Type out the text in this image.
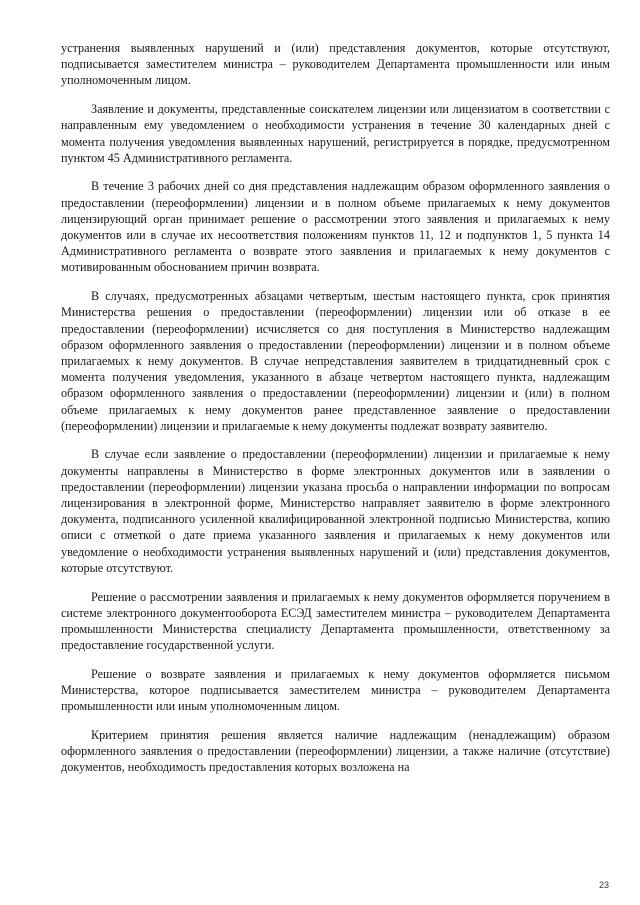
устранения выявленных нарушений и (или) представления документов, которые отсутствуют, подписывается заместителем министра – руководителем Департамента промышленности или иным уполномоченным лицом.

Заявление и документы, представленные соискателем лицензии или лицензиатом в соответствии с направленным ему уведомлением о необходимости устранения в течение 30 календарных дней с момента получения уведомления выявленных нарушений, регистрируется в порядке, предусмотренном пунктом 45 Административного регламента.

В течение 3 рабочих дней со дня представления надлежащим образом оформленного заявления о предоставлении (переоформлении) лицензии и в полном объеме прилагаемых к нему документов лицензирующий орган принимает решение о рассмотрении этого заявления и прилагаемых к нему документов или в случае их несоответствия положениям пунктов 11, 12 и подпунктов 1, 5 пункта 14 Административного регламента о возврате этого заявления и прилагаемых к нему документов с мотивированным обоснованием причин возврата.

В случаях, предусмотренных абзацами четвертым, шестым настоящего пункта, срок принятия Министерства решения о предоставлении (переоформлении) лицензии или об отказе в ее предоставлении (переоформлении) исчисляется со дня поступления в Министерство надлежащим образом оформленного заявления о предоставлении (переоформлении) лицензии и в полном объеме прилагаемых к нему документов. В случае непредставления заявителем в тридцатидневный срок с момента получения уведомления, указанного в абзаце четвертом настоящего пункта, надлежащим образом оформленного заявления о предоставлении (переоформлении) лицензии и (или) в полном объеме прилагаемых к нему документов ранее представленное заявление о предоставлении (переоформлении) лицензии и прилагаемые к нему документы подлежат возврату заявителю.

В случае если заявление о предоставлении (переоформлении) лицензии и прилагаемые к нему документы направлены в Министерство в форме электронных документов или в заявлении о предоставлении (переоформлении) лицензии указана просьба о направлении информации по вопросам лицензирования в электронной форме, Министерство направляет заявителю в форме электронного документа, подписанного усиленной квалифицированной электронной подписью Министерства, копию описи с отметкой о дате приема указанного заявления и прилагаемых к нему документов или уведомление о необходимости устранения выявленных нарушений и (или) представления документов, которые отсутствуют.

Решение о рассмотрении заявления и прилагаемых к нему документов оформляется поручением в системе электронного документооборота ЕСЭД заместителем министра – руководителем Департамента промышленности Министерства специалисту Департамента промышленности, ответственному за предоставление государственной услуги.

Решение о возврате заявления и прилагаемых к нему документов оформляется письмом Министерства, которое подписывается заместителем министра – руководителем Департамента промышленности или иным уполномоченным лицом.

Критерием принятия решения является наличие надлежащим (ненадлежащим) образом оформленного заявления о предоставлении (переоформлении) лицензии, а также наличие (отсутствие) документов, необходимость предоставления которых возложена на

23
